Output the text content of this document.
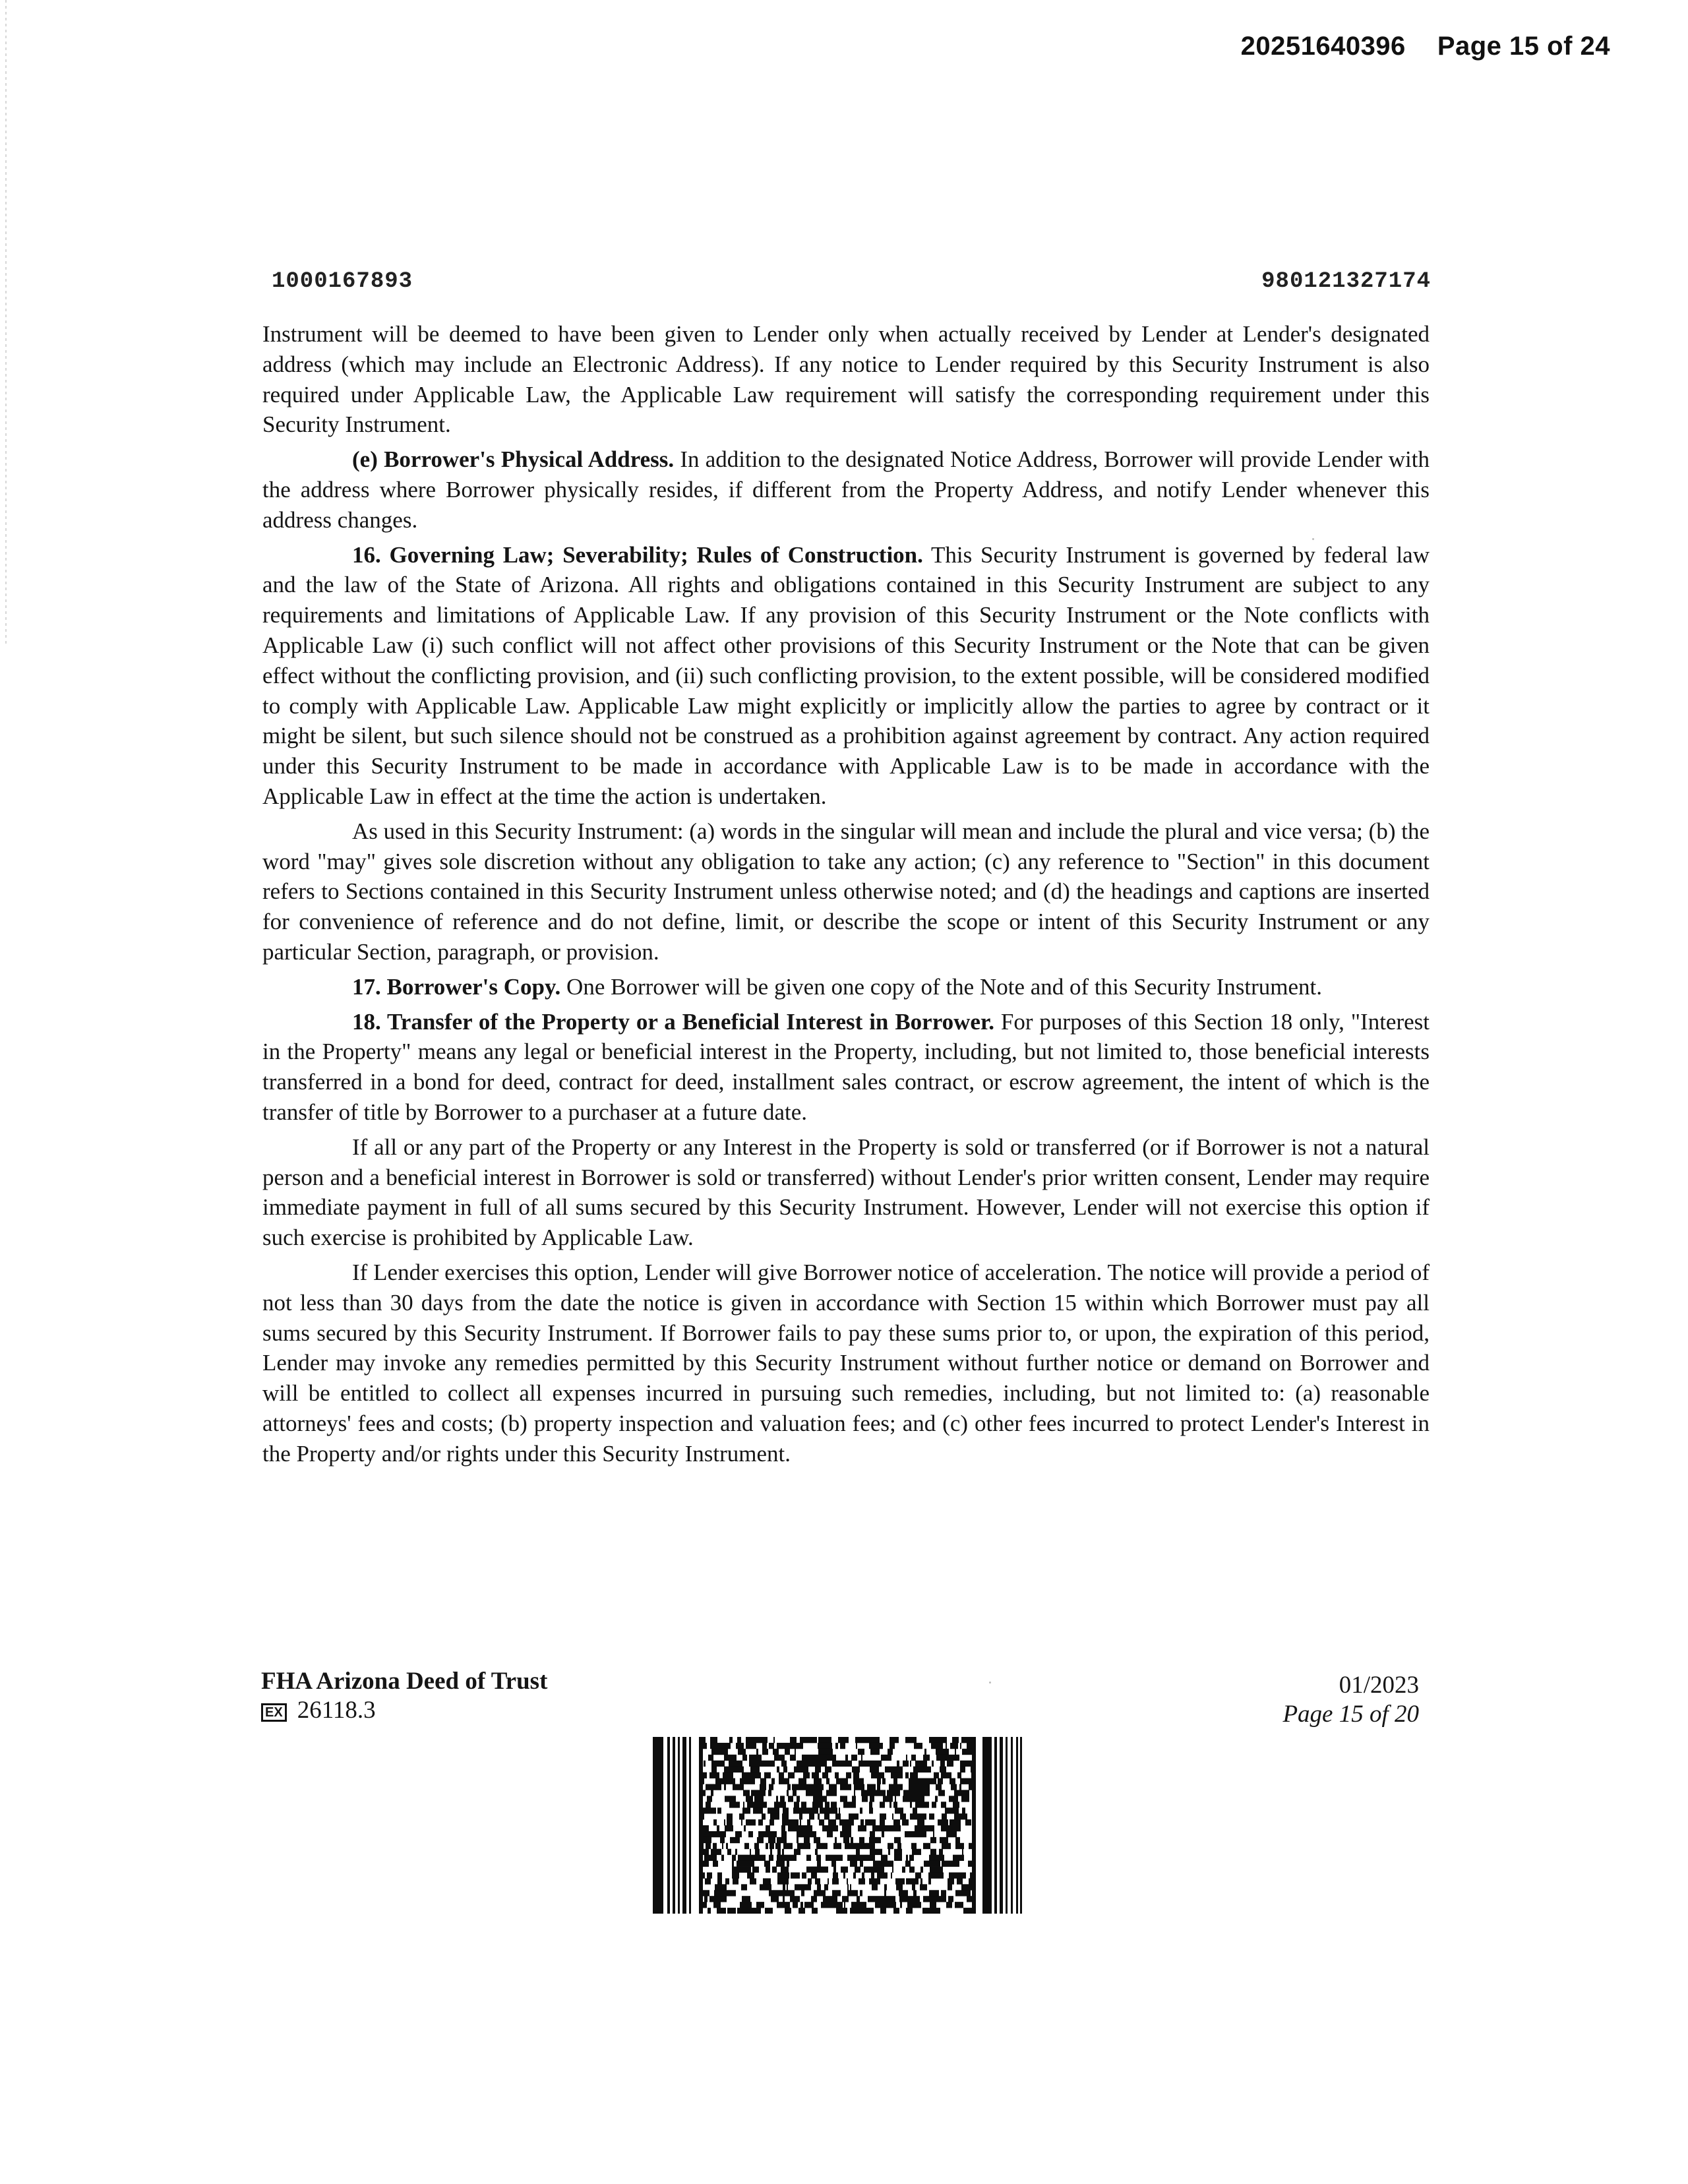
20251640396 Page 15 of 24
1000167893	980121327174

Instrument will be deemed to have been given to Lender only when actually received by Lender at Lender's designated address (which may include an Electronic Address). If any notice to Lender required by this Security Instrument is also required under Applicable Law, the Applicable Law requirement will satisfy the corresponding requirement under this Security Instrument.

(e) Borrower's Physical Address. In addition to the designated Notice Address, Borrower will provide Lender with the address where Borrower physically resides, if different from the Property Address, and notify Lender whenever this address changes.

16. Governing Law; Severability; Rules of Construction. This Security Instrument is governed by federal law and the law of the State of Arizona. All rights and obligations contained in this Security Instrument are subject to any requirements and limitations of Applicable Law. If any provision of this Security Instrument or the Note conflicts with Applicable Law (i) such conflict will not affect other provisions of this Security Instrument or the Note that can be given effect without the conflicting provision, and (ii) such conflicting provision, to the extent possible, will be considered modified to comply with Applicable Law. Applicable Law might explicitly or implicitly allow the parties to agree by contract or it might be silent, but such silence should not be construed as a prohibition against agreement by contract. Any action required under this Security Instrument to be made in accordance with Applicable Law is to be made in accordance with the Applicable Law in effect at the time the action is undertaken.

As used in this Security Instrument: (a) words in the singular will mean and include the plural and vice versa; (b) the word "may" gives sole discretion without any obligation to take any action; (c) any reference to "Section" in this document refers to Sections contained in this Security Instrument unless otherwise noted; and (d) the headings and captions are inserted for convenience of reference and do not define, limit, or describe the scope or intent of this Security Instrument or any particular Section, paragraph, or provision.

17. Borrower's Copy. One Borrower will be given one copy of the Note and of this Security Instrument.

18. Transfer of the Property or a Beneficial Interest in Borrower. For purposes of this Section 18 only, "Interest in the Property" means any legal or beneficial interest in the Property, including, but not limited to, those beneficial interests transferred in a bond for deed, contract for deed, installment sales contract, or escrow agreement, the intent of which is the transfer of title by Borrower to a purchaser at a future date.

If all or any part of the Property or any Interest in the Property is sold or transferred (or if Borrower is not a natural person and a beneficial interest in Borrower is sold or transferred) without Lender's prior written consent, Lender may require immediate payment in full of all sums secured by this Security Instrument. However, Lender will not exercise this option if such exercise is prohibited by Applicable Law.

If Lender exercises this option, Lender will give Borrower notice of acceleration. The notice will provide a period of not less than 30 days from the date the notice is given in accordance with Section 15 within which Borrower must pay all sums secured by this Security Instrument. If Borrower fails to pay these sums prior to, or upon, the expiration of this period, Lender may invoke any remedies permitted by this Security Instrument without further notice or demand on Borrower and will be entitled to collect all expenses incurred in pursuing such remedies, including, but not limited to: (a) reasonable attorneys' fees and costs; (b) property inspection and valuation fees; and (c) other fees incurred to protect Lender's Interest in the Property and/or rights under this Security Instrument.

FHA Arizona Deed of Trust
EX 26118.3
01/2023
Page 15 of 20
